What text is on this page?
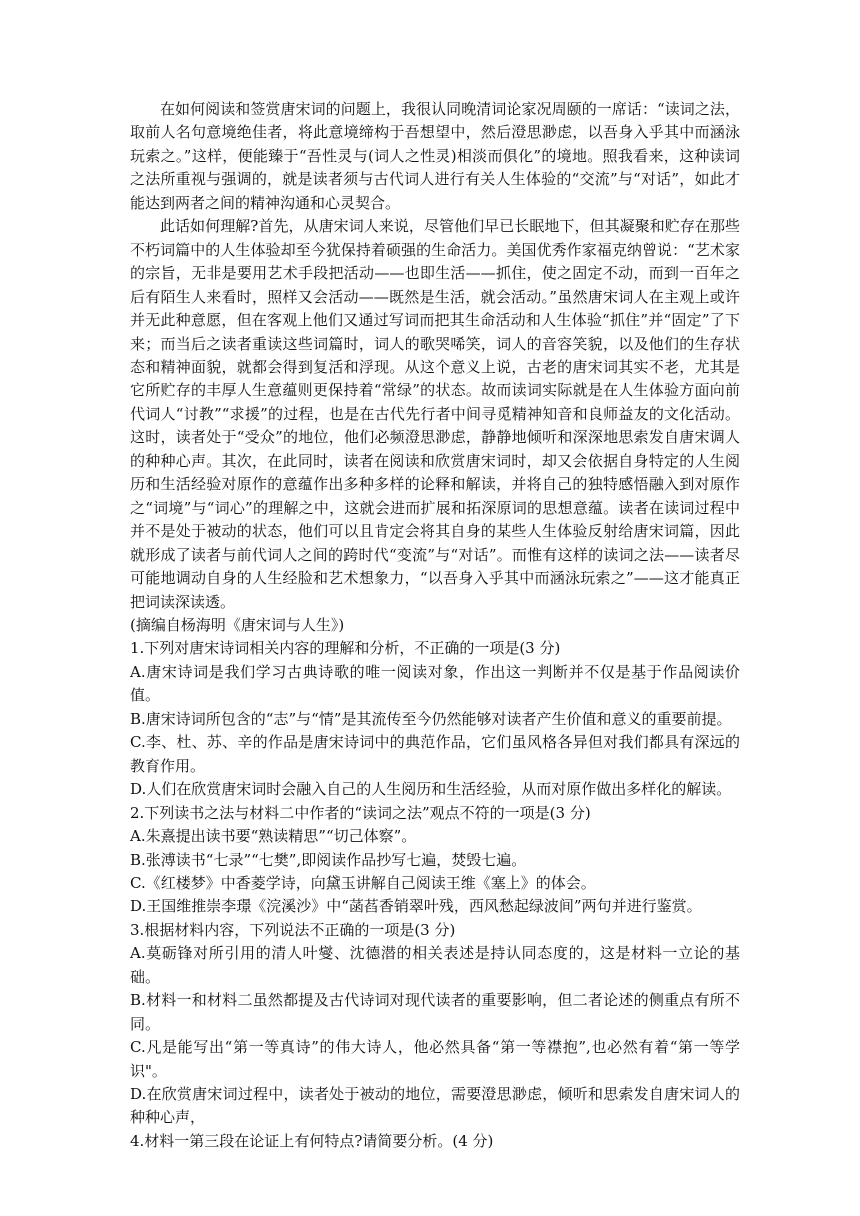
在如何阅读和签赏唐宋词的问题上，我很认同晚清词论家况周颐的一席话：“读词之法，取前人名句意境绝佳者，将此意境缔构于吾想望中，然后澄思渺虑，以吾身入乎其中而涵泳玩索之。”这样，便能臻于“吾性灵与(词人之性灵)相淡而俱化”的境地。照我看来，这种读词之法所重视与强调的，就是读者须与古代词人进行有关人生体验的“交流”与“对话”，如此才能达到两者之间的精神沟通和心灵契合。

此话如何理解?首先，从唐宋词人来说，尽管他们早已长眠地下，但其凝聚和贮存在那些不朽词篇中的人生体验却至今犹保持着硕强的生命活力。美国优秀作家福克纳曾说：“艺术家的宗旨，无非是要用艺术手段把活动——也即生活——抓住，使之固定不动，而到一百年之后有陌生人来看时，照样又会活动——既然是生活，就会活动。”虽然唐宋词人在主观上或许并无此种意愿，但在客观上他们又通过写词而把其生命活动和人生体验“抓住”并“固定”了下来；而当后之读者重读这些词篇时，词人的歌哭唏笑，词人的音容笑貌，以及他们的生存状态和精神面貌，就都会得到复活和浮现。从这个意义上说，古老的唐宋词其实不老，尤其是它所贮存的丰厚人生意蕴则更保持着“常绿”的状态。故而读词实际就是在人生体验方面向前代词人“讨教”“求援”的过程，也是在古代先行者中间寻觅精神知音和良师益友的文化活动。这时，读者处于“受众”的地位，他们必频澄思渺虑，静静地倾听和深深地思索发自唐宋调人的种种心声。其次，在此同时，读者在阅读和欣赏唐宋词时，却又会依据自身特定的人生阅历和生活经验对原作的意蕴作出多种多样的论释和解读，并将自己的独特感悟融入到对原作之“词境”与“词心”的理解之中，这就会进而扩展和拓深原词的思想意蕴。读者在读词过程中并不是处于被动的状态，他们可以且肯定会将其自身的某些人生体验反射给唐宋词篇，因此就形成了读者与前代词人之间的跨时代“变流”与“对话”。而惟有这样的读词之法——读者尽可能地调动自身的人生经脸和艺术想象力，“以吾身入乎其中而涵泳玩索之”——这才能真正把词读深读透。

(摘编自杨海明《唐宋词与人生》)

1.下列对唐宋诗词相关内容的理解和分析，不正确的一项是(3 分)

A.唐宋诗词是我们学习古典诗歌的唯一阅读对象，作出这一判断并不仅是基于作品阅读价值。

B.唐宋诗词所包含的“志”与“情”是其流传至今仍然能够对读者产生价值和意义的重要前提。

C.李、杜、苏、辛的作品是唐宋诗词中的典范作品，它们虽风格各异但对我们都具有深远的教育作用。

D.人们在欣赏唐宋词时会融入自己的人生阅历和生活经验，从而对原作做出多样化的解读。

2.下列读书之法与材料二中作者的“读词之法”观点不符的一项是(3 分)

A.朱熹提出读书要“熟读精思”“切己体察”。

B.张溥读书“七录”“七樊”,即阅读作品抄写七遍，焚毁七遍。

C.《红楼梦》中香菱学诗，向黛玉讲解自己阅读王维《塞上》的体会。

D.王国维推崇李璟《浣溪沙》中“菡萏香销翠叶残，西风愁起绿波间”两句并进行鉴赏。

3.根据材料内容，下列说法不正确的一项是(3 分)

A.莫砺锋对所引用的清人叶燮、沈德潜的相关表述是持认同态度的，这是材料一立论的基础。

B.材料一和材料二虽然都提及古代诗词对现代读者的重要影响，但二者论述的侧重点有所不同。

C.凡是能写出“第一等真诗”的伟大诗人，他必然具备“第一等襟抱”,也必然有着“第一等学识"。

D.在欣赏唐宋词过程中，读者处于被动的地位，需要澄思渺虑，倾听和思索发自唐宋词人的种种心声，

4.材料一第三段在论证上有何特点?请简要分析。(4 分)
